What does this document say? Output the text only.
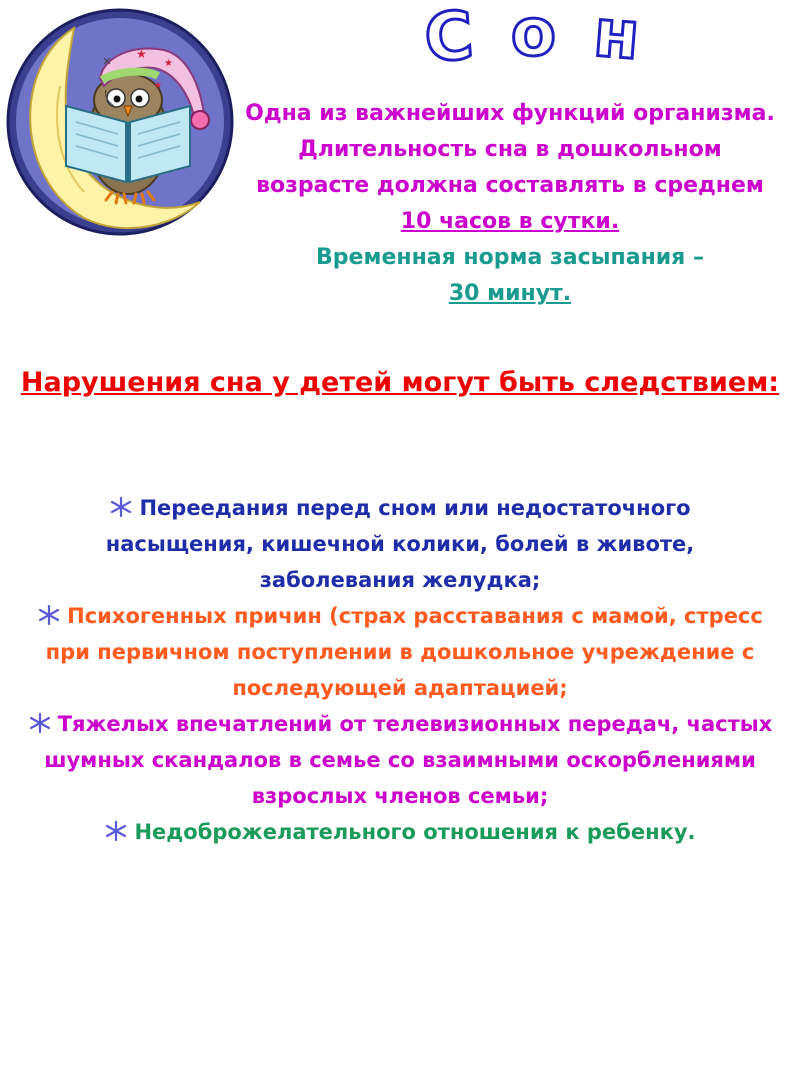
★
★
★
Сон

Одна из важнейших функций организма.

Длительность сна в дошкольном возрасте должна составлять в среднем 10 часов в сутки.

Временная норма засыпания –
30 минут.

Нарушения сна у детей могут быть следствием:
Переедания перед сном или недостаточного
насыщения, кишечной колики, болей в животе,
заболевания желудка;
Психогенных причин (страх расставания с мамой, стресс при первичном поступлении в дошкольное учреждение с последующей адаптацией;
Тяжелых впечатлений от телевизионных передач, частых шумных скандалов в семье со взаимными оскорблениями взрослых членов семьи;
Недоброжелательного отношения к ребенку.
